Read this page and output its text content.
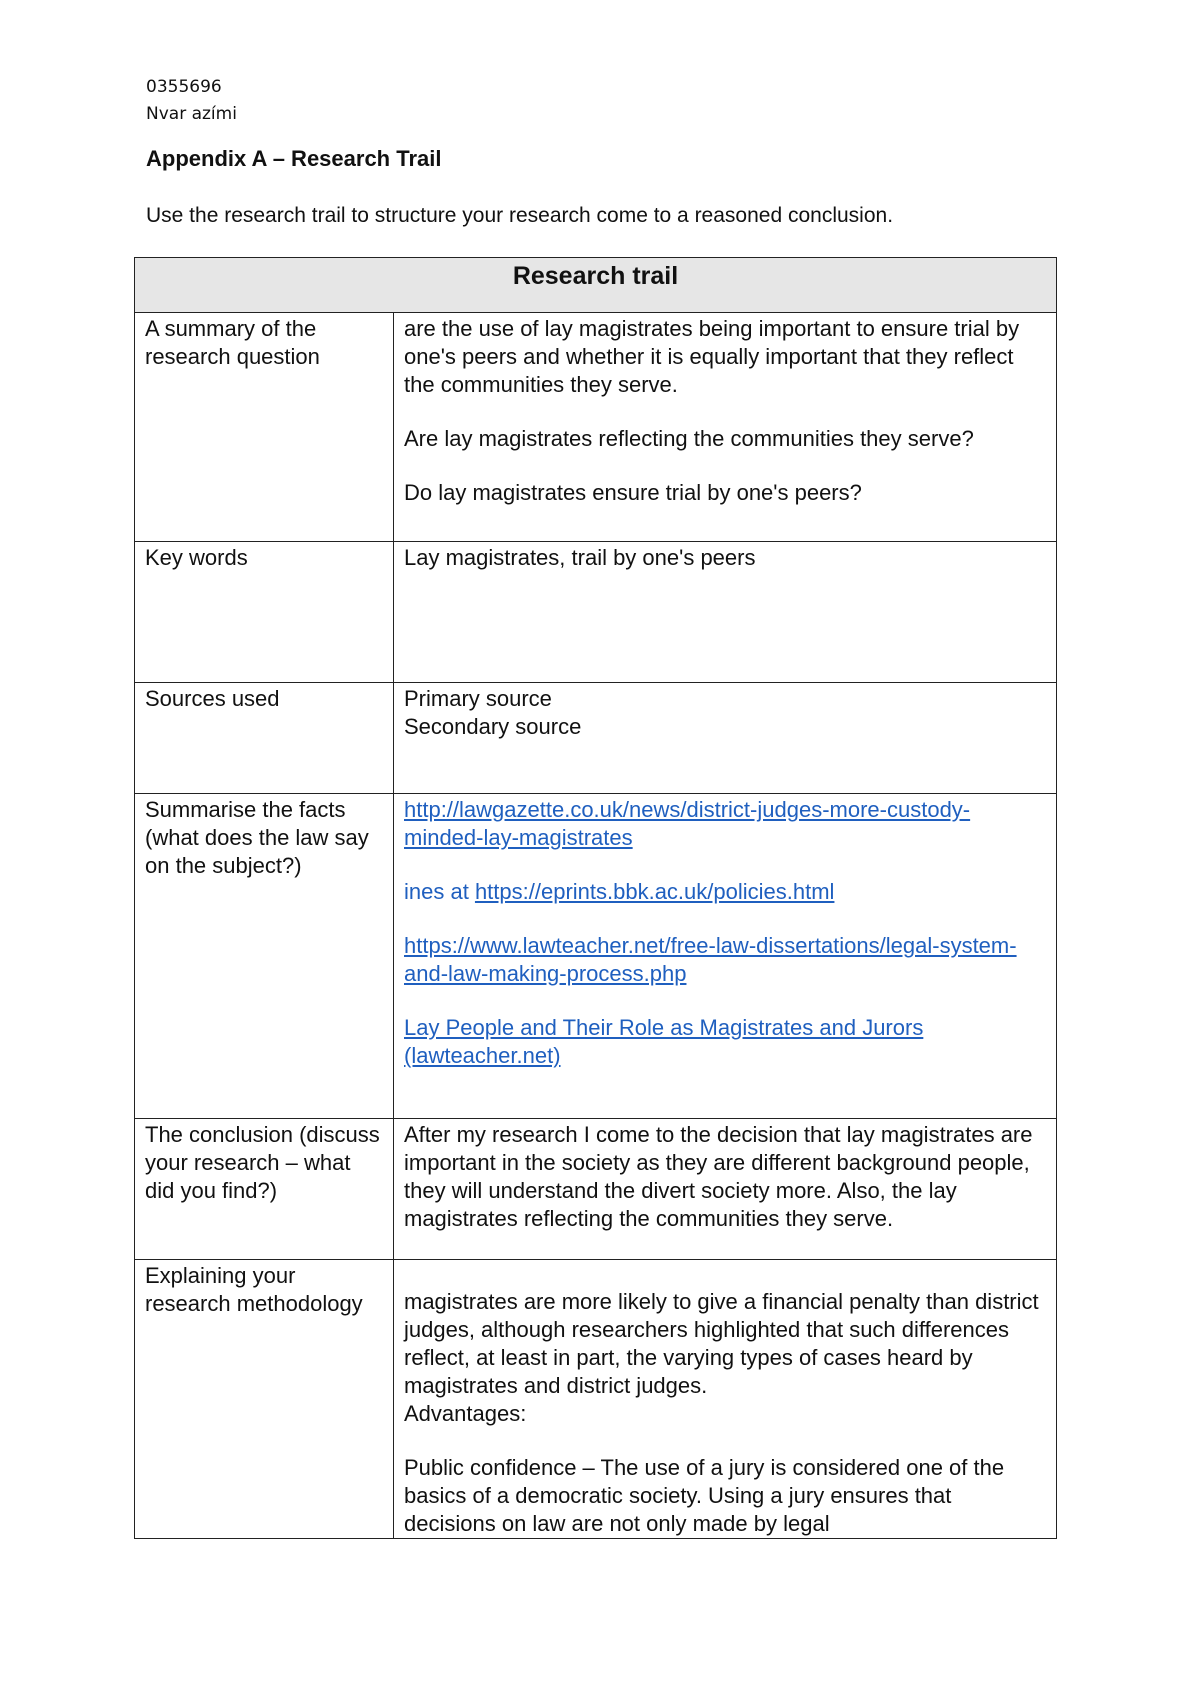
0355696
Nvar azími
Appendix A – Research Trail

Use the research trail to structure your research come to a reasoned conclusion.

Research trail	
A summary of the research question	are the use of lay magistrates being important to ensure trial by one's peers and whether it is equally important that they reflect the communities they serve.

Are lay magistrates reflecting the communities they serve?

Do lay magistrates ensure trial by one's peers?

Key words	Lay magistrates, trail by one's peers
Sources used	Primary source
Secondary source

Summarise the facts (what does the law say on the subject?)	http://lawgazette.co.uk/news/district-judges-more-custody-minded-lay-magistrates

ines at https://eprints.bbk.ac.uk/policies.html

https://www.lawteacher.net/free-law-dissertations/legal-system-and-law-making-process.php

Lay People and Their Role as Magistrates and Jurors (lawteacher.net)

The conclusion (discuss your research – what did you find?)	After my research I come to the decision that lay magistrates are important in the society as they are different background people, they will understand the divert society more. Also, the lay magistrates reflecting the communities they serve.
Explaining your research methodology	magistrates are more likely to give a financial penalty than district judges, although researchers highlighted that such differences reflect, at least in part, the varying types of cases heard by magistrates and district judges.

Advantages:

Public confidence – The use of a jury is considered one of the basics of a democratic society. Using a jury ensures that decisions on law are not only made by legal
